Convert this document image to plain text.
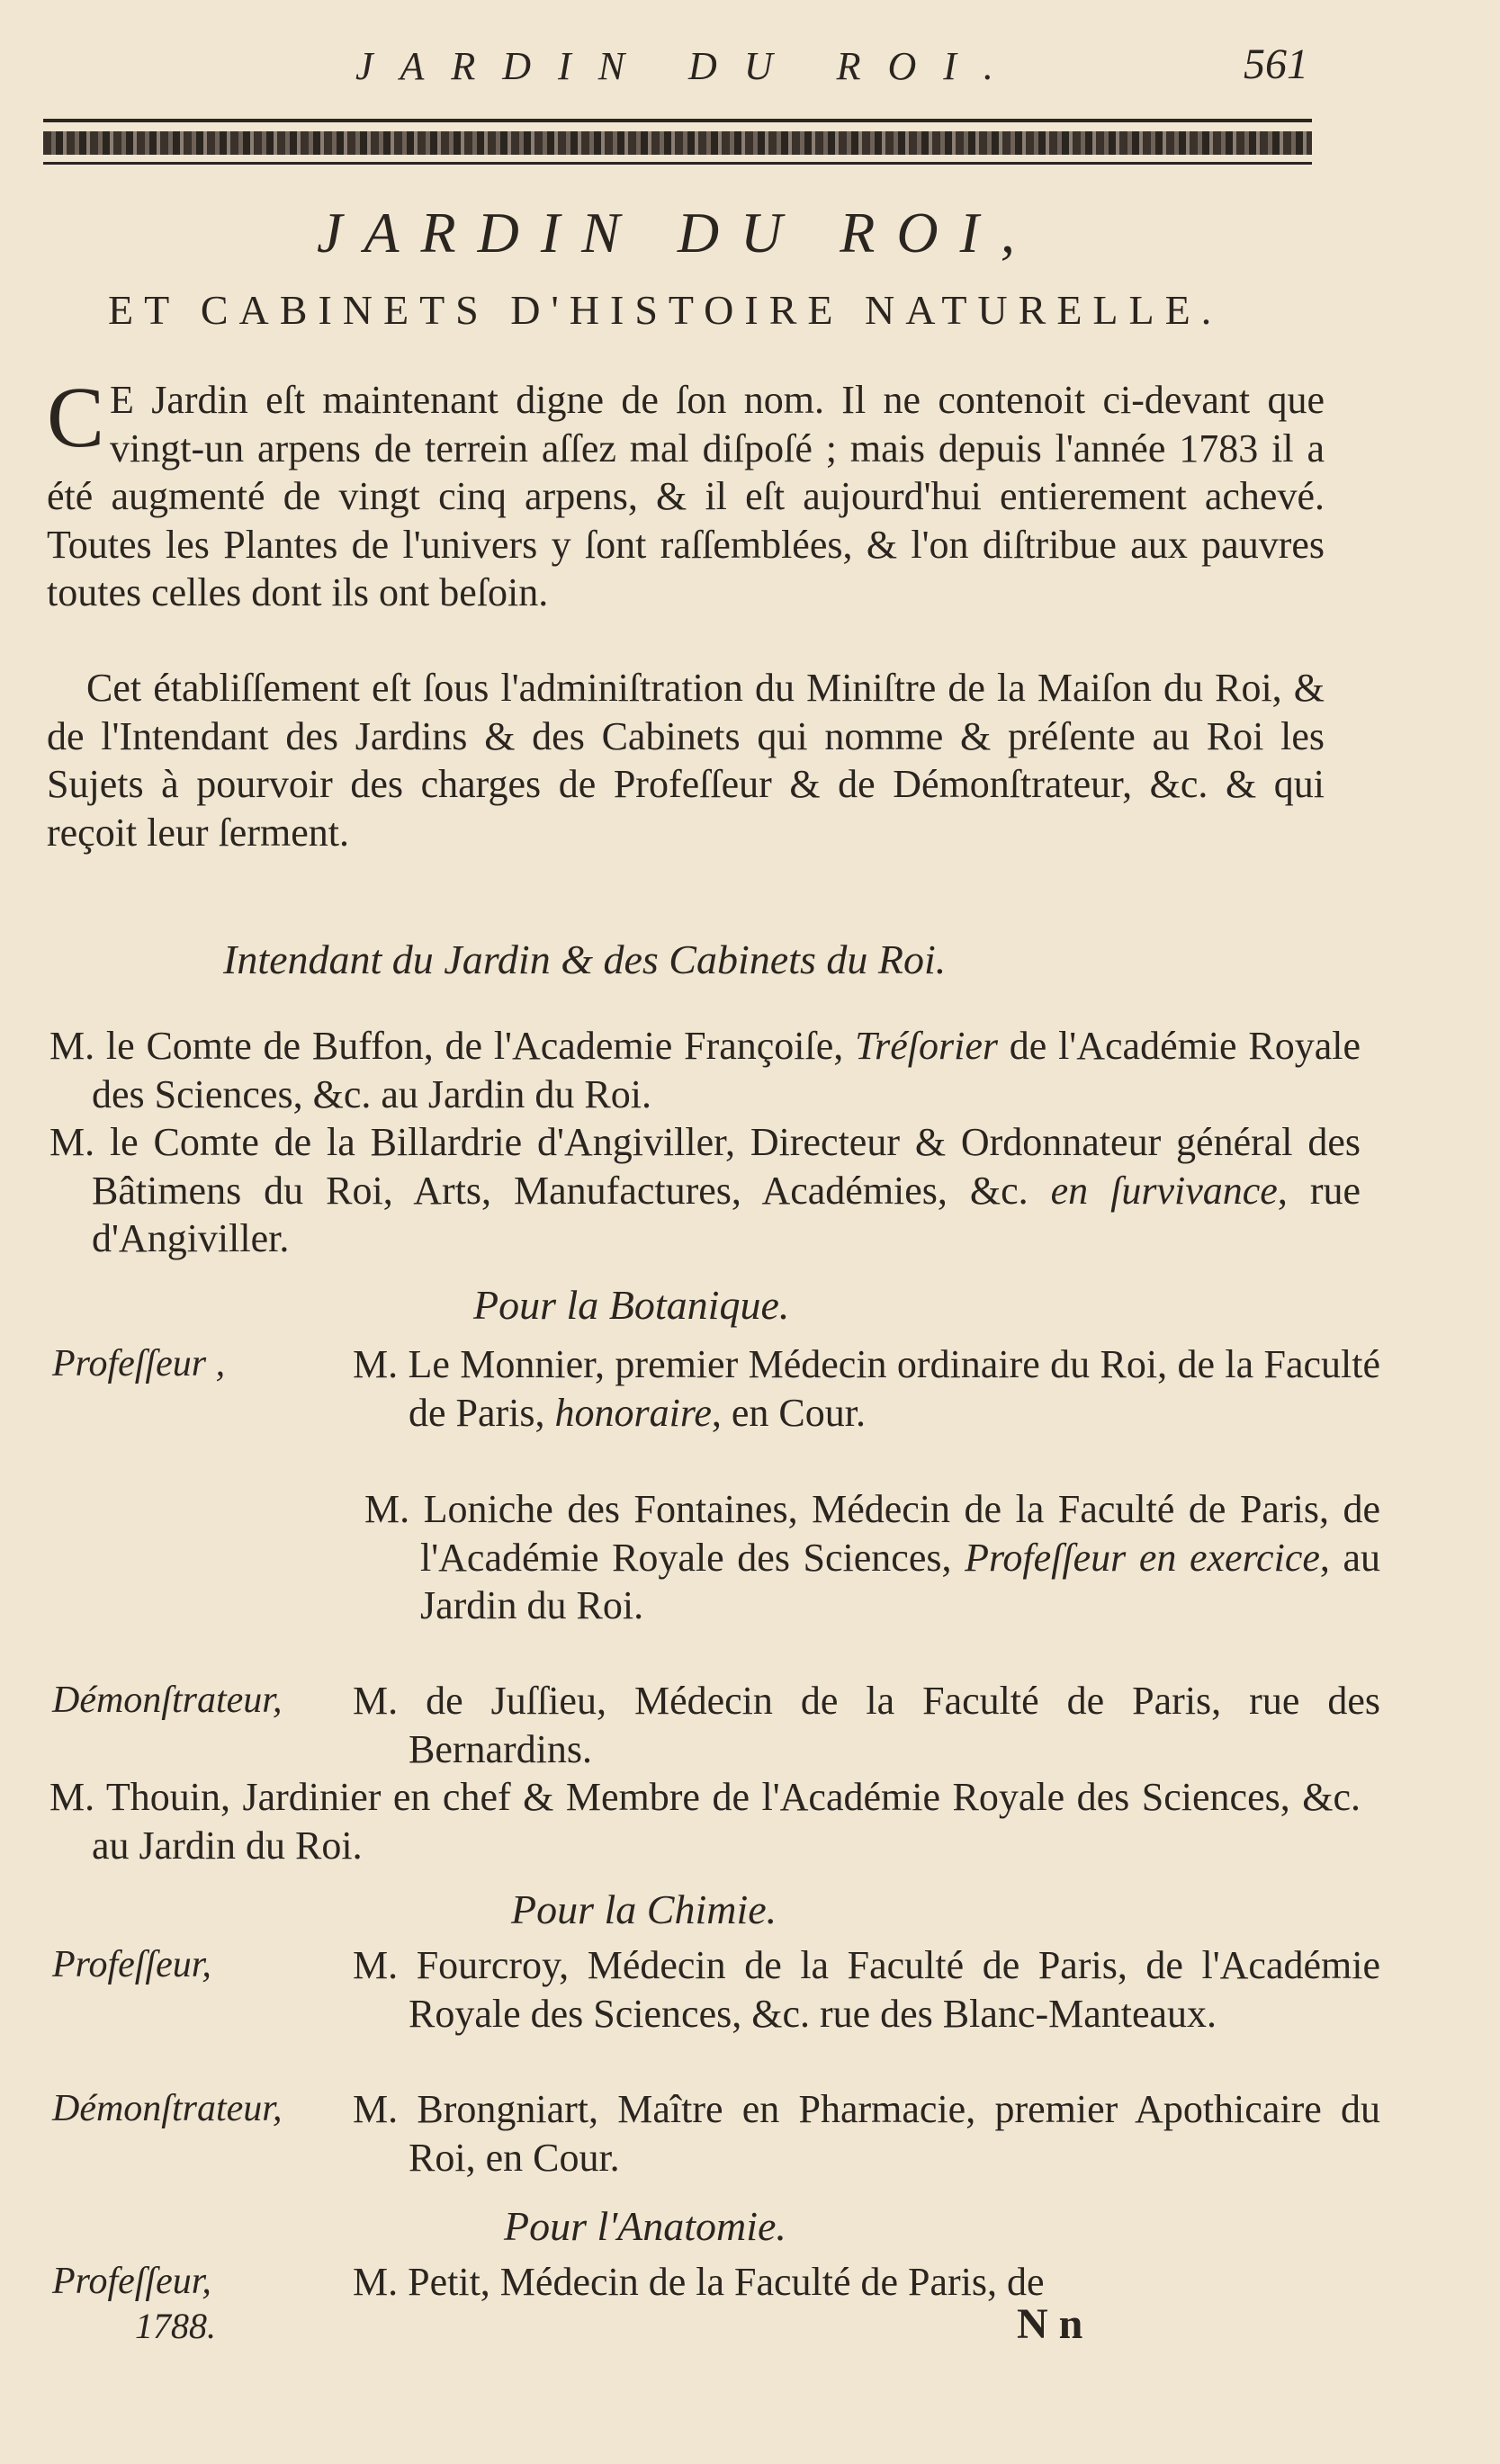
JARDIN DU ROI.	561
JARDIN DU ROI,
ET CABINETS D'HISTOIRE NATURELLE.
C E Jardin eſt maintenant digne de ſon nom. Il ne contenoit ci-devant que vingt-un arpens de terrein aſſez mal diſpoſé ; mais depuis l'année 1783 il a été augmenté de vingt cinq arpens, & il eſt aujourd'hui entierement achevé. Toutes les Plantes de l'univers y ſont raſſemblées, & l'on diſtribue aux pauvres toutes celles dont ils ont beſoin.
Cet établiſſement eſt ſous l'adminiſtration du Miniſtre de la Maiſon du Roi, & de l'Intendant des Jardins & des Cabinets qui nomme & préſente au Roi les Sujets à pourvoir des charges de Profeſſeur & de Démonſtrateur, &c. & qui reçoit leur ſerment.
Intendant du Jardin & des Cabinets du Roi.
M. le Comte de Buffon, de l'Academie Françoiſe, Tréſorier de l'Académie Royale des Sciences, &c. au Jardin du Roi.
M. le Comte de la Billardrie d'Angiviller, Directeur & Ordonnateur général des Bâtimens du Roi, Arts, Manufactures, Académies, &c. en ſurvivance, rue d'Angiviller.
Pour la Botanique.
Profeſſeur ,	M. Le Monnier, premier Médecin ordinaire du Roi, de la Faculté de Paris, honoraire, en Cour.
M. Loniche des Fontaines, Médecin de la Faculté de Paris, de l'Académie Royale des Sciences, Profeſſeur en exercice, au Jardin du Roi.
Démonſtrateur, M. de Juſſieu, Médecin de la Faculté de Paris, rue des Bernardins.
M. Thouin, Jardinier en chef & Membre de l'Académie Royale des Sciences, &c. au Jardin du Roi.
Pour la Chimie.
Profeſſeur,	M. Fourcroy, Médecin de la Faculté de Paris, de l'Académie Royale des Sciences, &c. rue des Blanc-Manteaux.
Démonſtrateur, M. Brongniart, Maître en Pharmacie, premier Apothicaire du Roi, en Cour.
Pour l'Anatomie.
Profeſſeur,	M. Petit, Médecin de la Faculté de Paris, de
1788.	N n
